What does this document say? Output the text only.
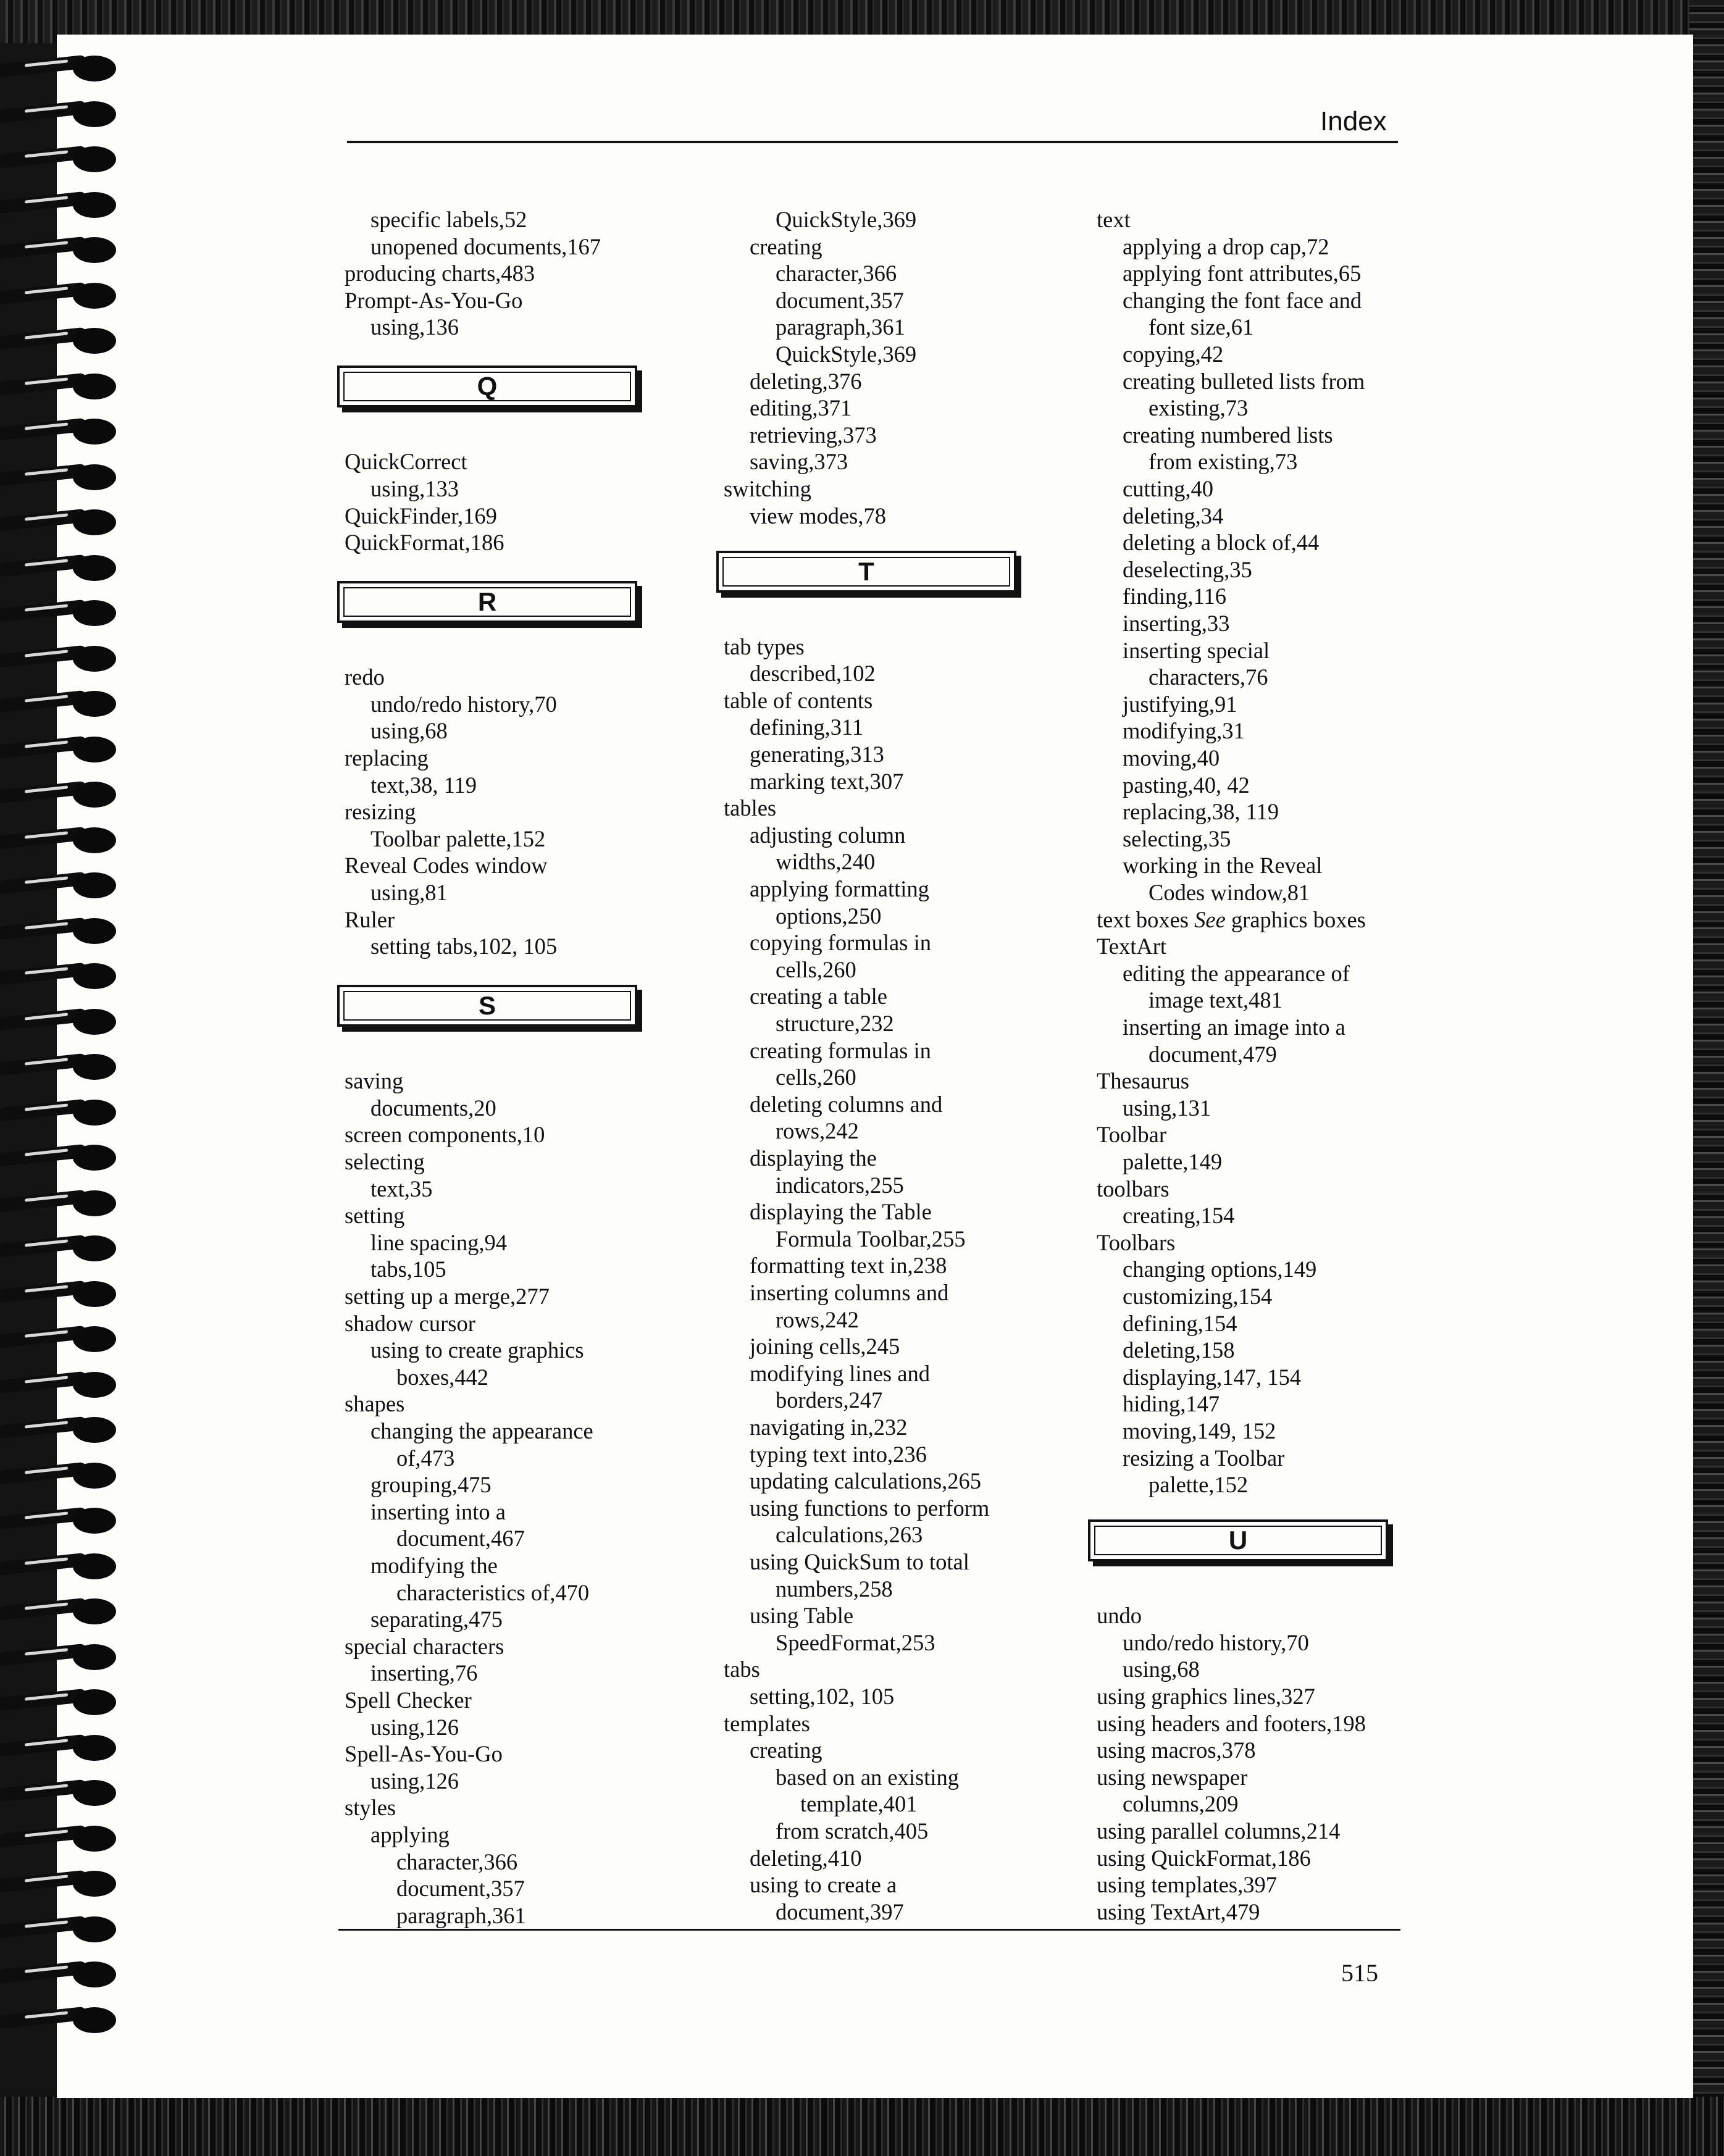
Index
specific labels,52
unopened documents,167
producing charts,483
Prompt-As-You-Go
using,136
Q
QuickCorrect
using,133
QuickFinder,169
QuickFormat,186
R
redo
undo/redo history,70
using,68
replacing
text,38, 119
resizing
Toolbar palette,152
Reveal Codes window
using,81
Ruler
setting tabs,102, 105
S
saving
documents,20
screen components,10
selecting
text,35
setting
line spacing,94
tabs,105
setting up a merge,277
shadow cursor
using to create graphics
boxes,442
shapes
changing the appearance
of,473
grouping,475
inserting into a
document,467
modifying the
characteristics of,470
separating,475
special characters
inserting,76
Spell Checker
using,126
Spell-As-You-Go
using,126
styles
applying
character,366
document,357
paragraph,361
QuickStyle,369
creating
character,366
document,357
paragraph,361
QuickStyle,369
deleting,376
editing,371
retrieving,373
saving,373
switching
view modes,78
T
tab types
described,102
table of contents
defining,311
generating,313
marking text,307
tables
adjusting column
widths,240
applying formatting
options,250
copying formulas in
cells,260
creating a table
structure,232
creating formulas in
cells,260
deleting columns and
rows,242
displaying the
indicators,255
displaying the Table
Formula Toolbar,255
formatting text in,238
inserting columns and
rows,242
joining cells,245
modifying lines and
borders,247
navigating in,232
typing text into,236
updating calculations,265
using functions to perform
calculations,263
using QuickSum to total
numbers,258
using Table
SpeedFormat,253
tabs
setting,102, 105
templates
creating
based on an existing
template,401
from scratch,405
deleting,410
using to create a
document,397
text
applying a drop cap,72
applying font attributes,65
changing the font face and
font size,61
copying,42
creating bulleted lists from
existing,73
creating numbered lists
from existing,73
cutting,40
deleting,34
deleting a block of,44
deselecting,35
finding,116
inserting,33
inserting special
characters,76
justifying,91
modifying,31
moving,40
pasting,40, 42
replacing,38, 119
selecting,35
working in the Reveal
Codes window,81
text boxes See graphics boxes
TextArt
editing the appearance of
image text,481
inserting an image into a
document,479
Thesaurus
using,131
Toolbar
palette,149
toolbars
creating,154
Toolbars
changing options,149
customizing,154
defining,154
deleting,158
displaying,147, 154
hiding,147
moving,149, 152
resizing a Toolbar
palette,152
U
undo
undo/redo history,70
using,68
using graphics lines,327
using headers and footers,198
using macros,378
using newspaper
columns,209
using parallel columns,214
using QuickFormat,186
using templates,397
using TextArt,479
515
